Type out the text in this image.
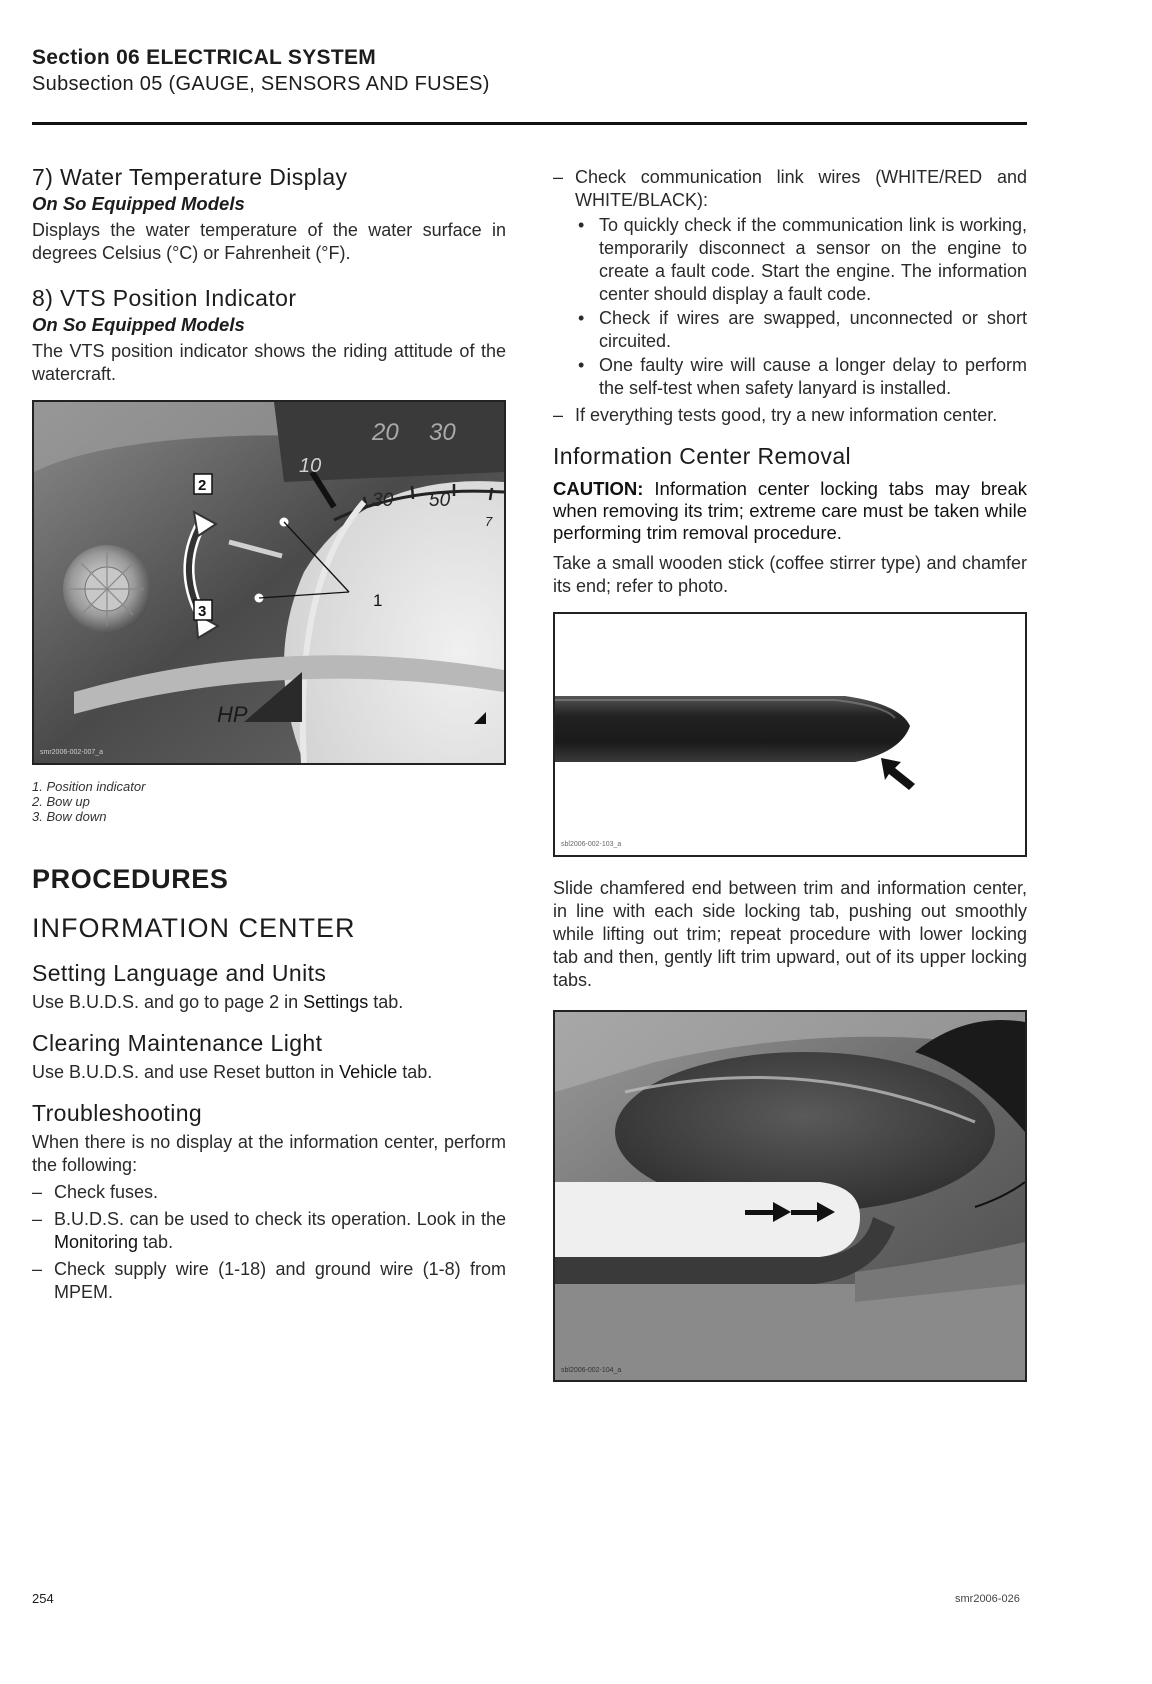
Section 06 ELECTRICAL SYSTEM
Subsection 05 (GAUGE, SENSORS AND FUSES)
7) Water Temperature Display
On So Equipped Models

Displays the water temperature of the water surface in degrees Celsius (°C) or Fahrenheit (°F).

8) VTS Position Indicator
On So Equipped Models

The VTS position indicator shows the riding attitude of the watercraft.

10
20 30
30 50
7
HP
1
2
3
smr2006-002-007_a
1. Position indicator
2. Bow up
3. Bow down
PROCEDURES
INFORMATION CENTER
Setting Language and Units

Use B.U.D.S. and go to page 2 in Settings tab.

Clearing Maintenance Light

Use B.U.D.S. and use Reset button in Vehicle tab.

Troubleshooting

When there is no display at the information center, perform the following:

– Check fuses.
– B.U.D.S. can be used to check its operation. Look in the Monitoring tab.
– Check supply wire (1-18) and ground wire (1-8) from MPEM.
– Check communication link wires (WHITE/RED and WHITE/BLACK):
• To quickly check if the communication link is working, temporarily disconnect a sensor on the engine to create a fault code. Start the engine. The information center should display a fault code.
• Check if wires are swapped, unconnected or short circuited.
• One faulty wire will cause a longer delay to perform the self-test when safety lanyard is installed.
– If everything tests good, try a new information center.
Information Center Removal

CAUTION: Information center locking tabs may break when removing its trim; extreme care must be taken while performing trim removal procedure.

Take a small wooden stick (coffee stirrer type) and chamfer its end; refer to photo.

sbl2006-002-103_a

Slide chamfered end between trim and information center, in line with each side locking tab, pushing out smoothly while lifting out trim; repeat procedure with lower locking tab and then, gently lift trim upward, out of its upper locking tabs.

sbl2006-002-104_a
254	smr2006-026
